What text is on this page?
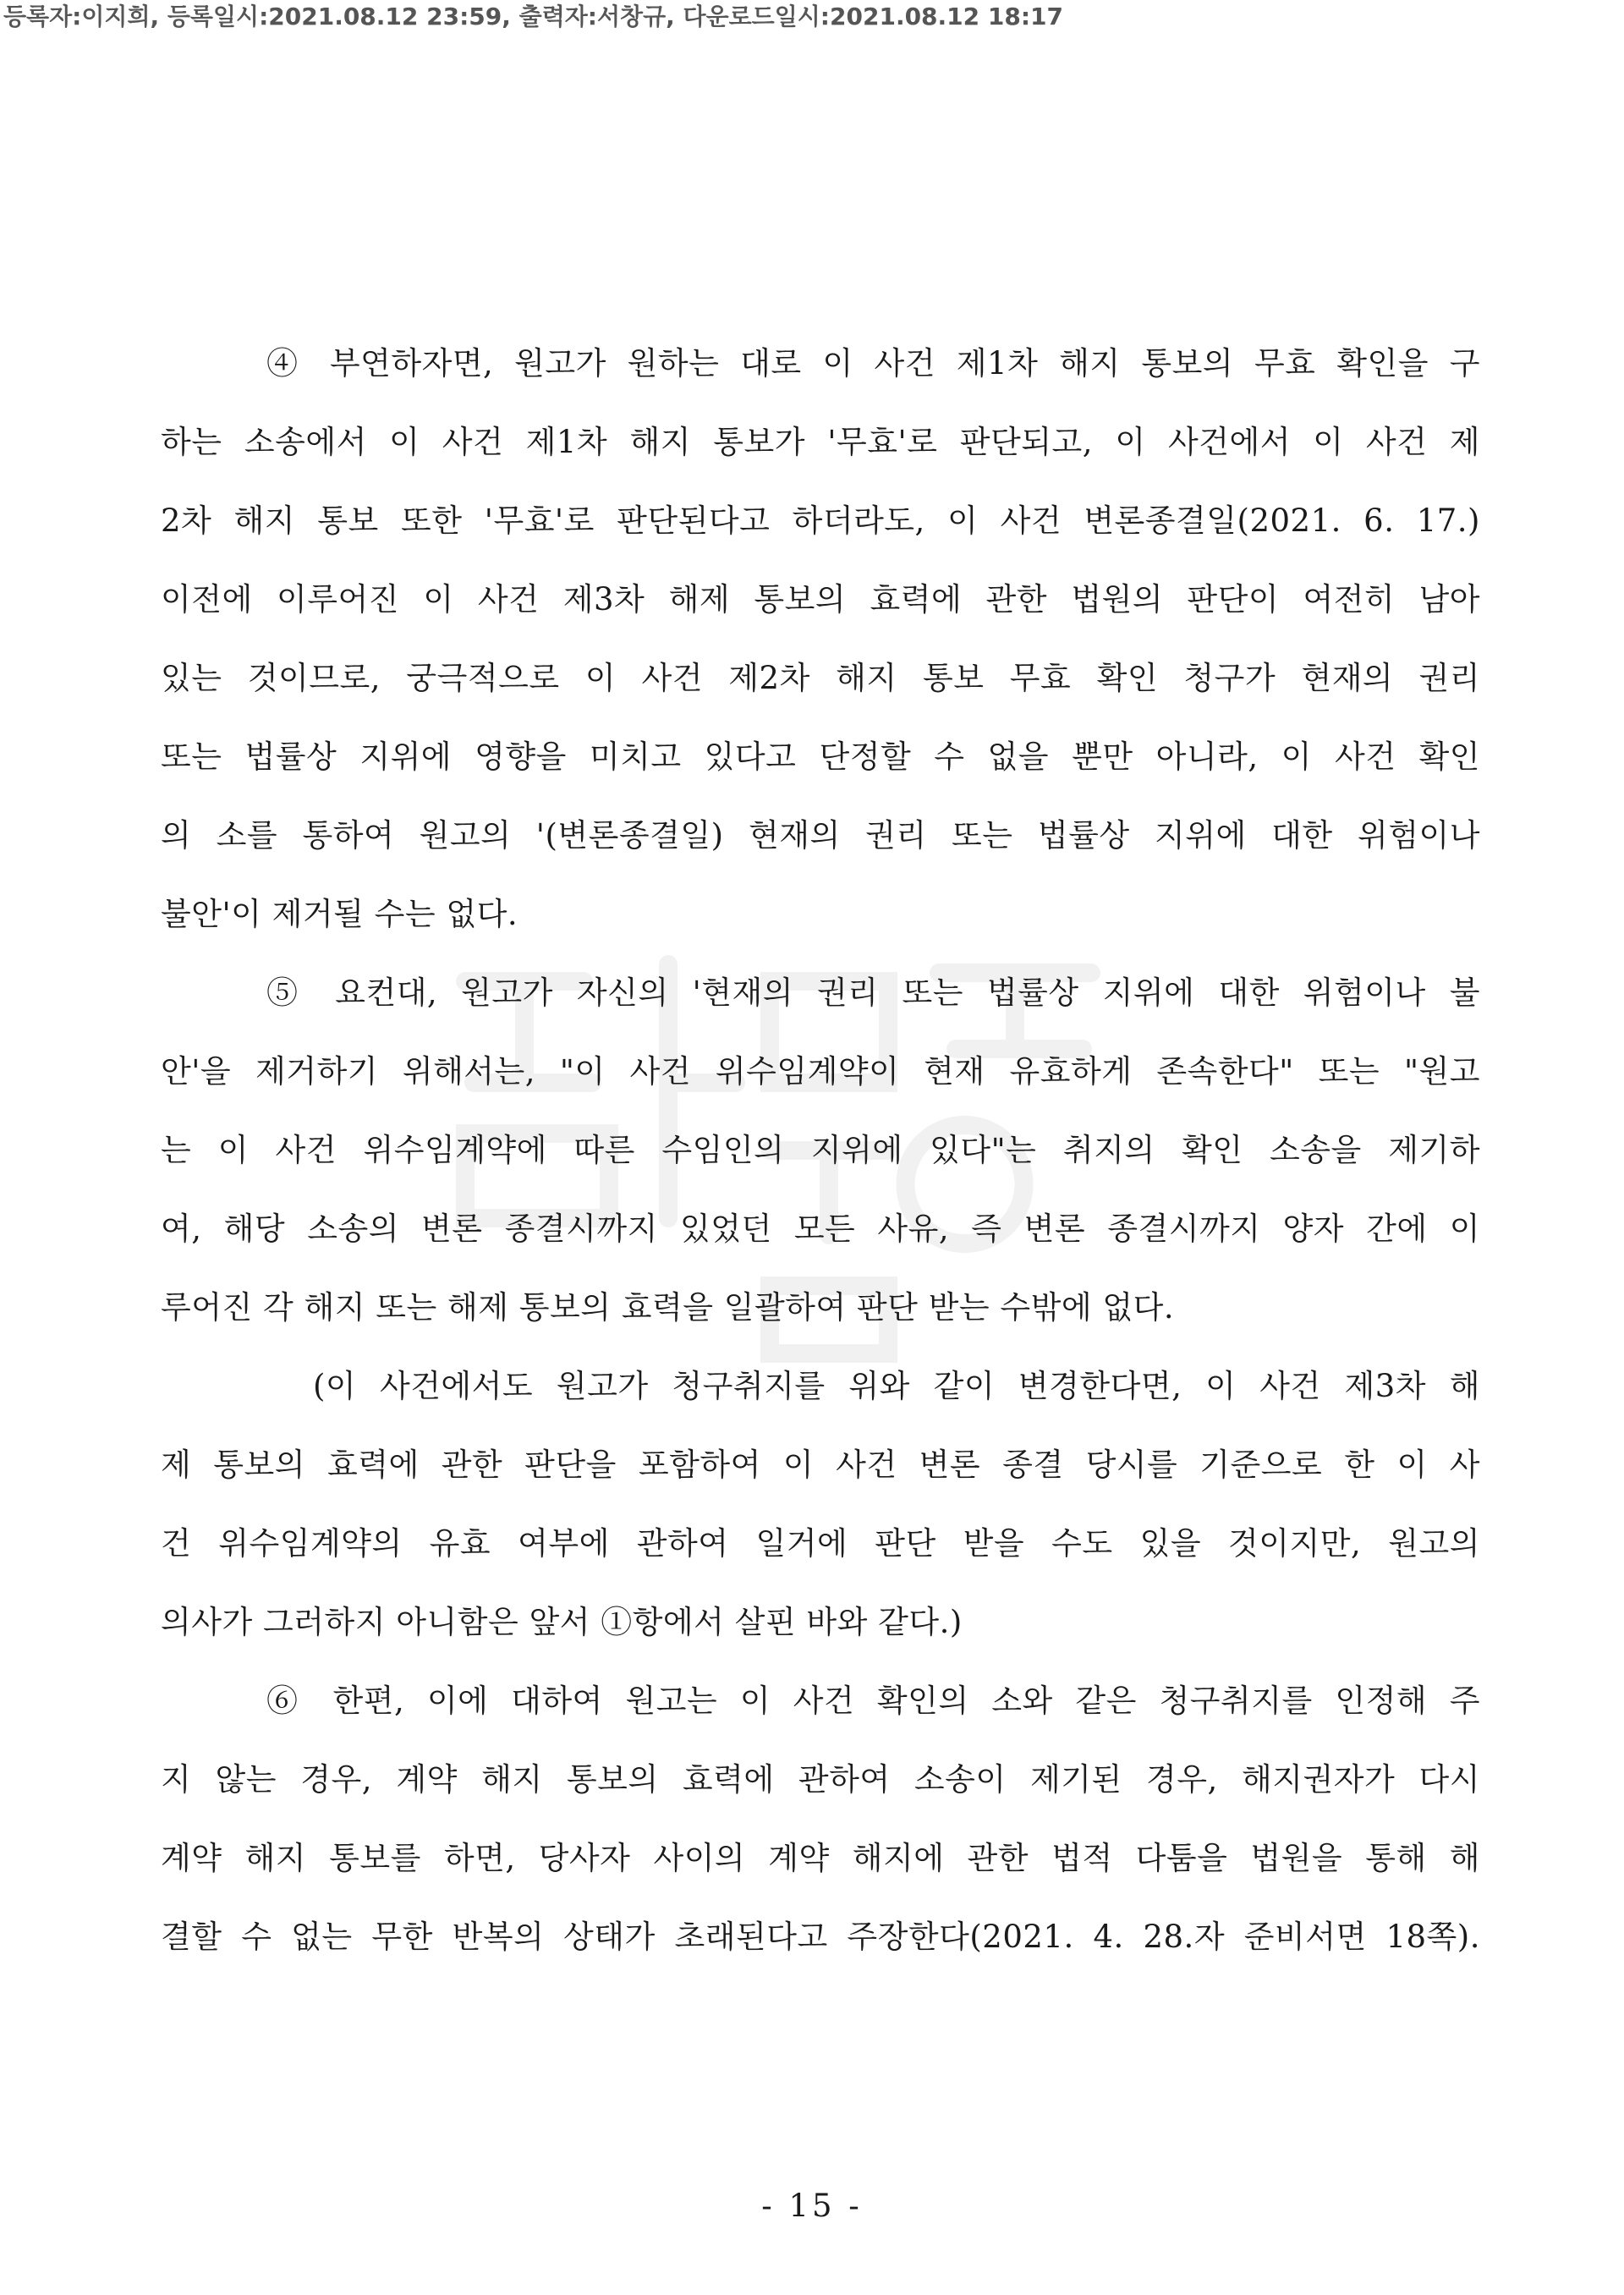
등록자:이지희, 등록일시:2021.08.12 23:59, 출력자:서창규, 다운로드일시:2021.08.12 18:17
④ 부연하자면, 원고가 원하는 대로 이 사건 제1차 해지 통보의 무효 확인을 구
하는 소송에서 이 사건 제1차 해지 통보가 '무효'로 판단되고, 이 사건에서 이 사건 제
2차 해지 통보 또한 '무효'로 판단된다고 하더라도, 이 사건 변론종결일(2021. 6. 17.)
이전에 이루어진 이 사건 제3차 해제 통보의 효력에 관한 법원의 판단이 여전히 남아
있는 것이므로, 궁극적으로 이 사건 제2차 해지 통보 무효 확인 청구가 현재의 권리
또는 법률상 지위에 영향을 미치고 있다고 단정할 수 없을 뿐만 아니라, 이 사건 확인
의 소를 통하여 원고의 '(변론종결일) 현재의 권리 또는 법률상 지위에 대한 위험이나
불안'이 제거될 수는 없다.
⑤ 요컨대, 원고가 자신의 '현재의 권리 또는 법률상 지위에 대한 위험이나 불
안'을 제거하기 위해서는, "이 사건 위수임계약이 현재 유효하게 존속한다" 또는 "원고
는 이 사건 위수임계약에 따른 수임인의 지위에 있다"는 취지의 확인 소송을 제기하
여, 해당 소송의 변론 종결시까지 있었던 모든 사유, 즉 변론 종결시까지 양자 간에 이
루어진 각 해지 또는 해제 통보의 효력을 일괄하여 판단 받는 수밖에 없다.
(이 사건에서도 원고가 청구취지를 위와 같이 변경한다면, 이 사건 제3차 해
제 통보의 효력에 관한 판단을 포함하여 이 사건 변론 종결 당시를 기준으로 한 이 사
건 위수임계약의 유효 여부에 관하여 일거에 판단 받을 수도 있을 것이지만, 원고의
의사가 그러하지 아니함은 앞서 ①항에서 살핀 바와 같다.)
⑥ 한편, 이에 대하여 원고는 이 사건 확인의 소와 같은 청구취지를 인정해 주
지 않는 경우, 계약 해지 통보의 효력에 관하여 소송이 제기된 경우, 해지권자가 다시
계약 해지 통보를 하면, 당사자 사이의 계약 해지에 관한 법적 다툼을 법원을 통해 해
결할 수 없는 무한 반복의 상태가 초래된다고 주장한다(2021. 4. 28.자 준비서면 18쪽).
- 15 -
